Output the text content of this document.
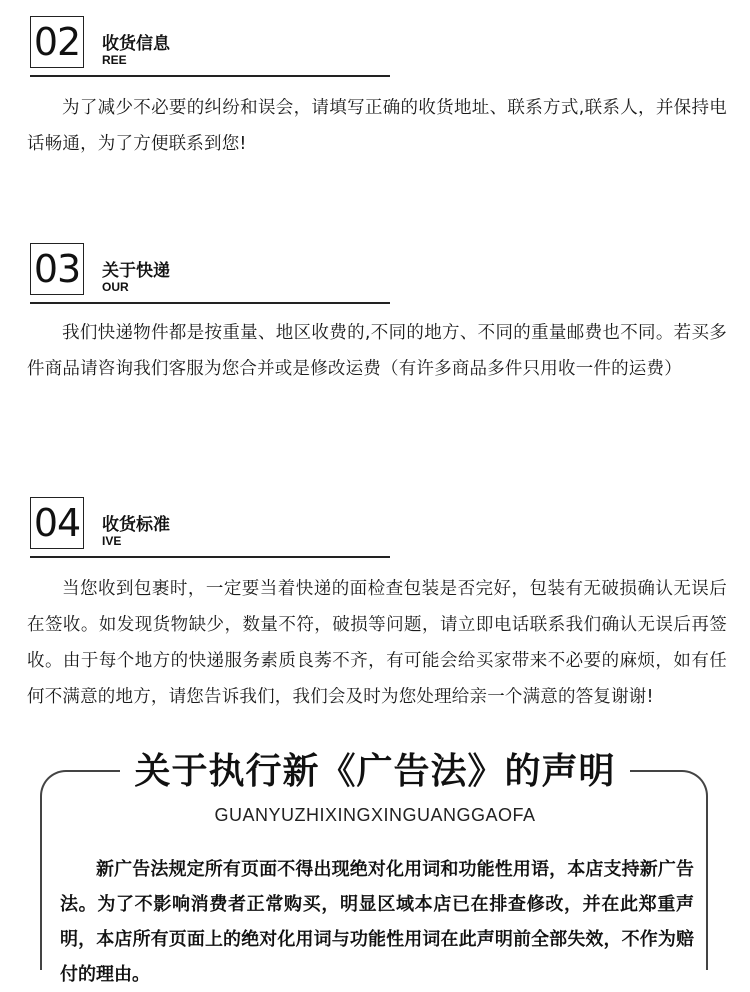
02 收货信息
REE
为了减少不必要的纠纷和误会，请填写正确的收货地址、联系方式,联系人，并保持电话畅通，为了方便联系到您!
03 关于快递
OUR
我们快递物件都是按重量、地区收费的,不同的地方、不同的重量邮费也不同。若买多件商品请咨询我们客服为您合并或是修改运费（有许多商品多件只用收一件的运费）
04 收货标准
IVE
当您收到包裹时，一定要当着快递的面检查包装是否完好，包装有无破损确认无误后在签收。如发现货物缺少，数量不符，破损等问题，请立即电话联系我们确认无误后再签收。由于每个地方的快递服务素质良莠不齐，有可能会给买家带来不必要的麻烦，如有任何不满意的地方，请您告诉我们，我们会及时为您处理给亲一个满意的答复谢谢!
关于执行新《广告法》的声明
GUANYUZHIXINGXINGUANGGAOFA
新广告法规定所有页面不得出现绝对化用词和功能性用语，本店支持新广告法。为了不影响消费者正常购买，明显区域本店已在排查修改，并在此郑重声明，本店所有页面上的绝对化用词与功能性用词在此声明前全部失效，不作为赔付的理由。
